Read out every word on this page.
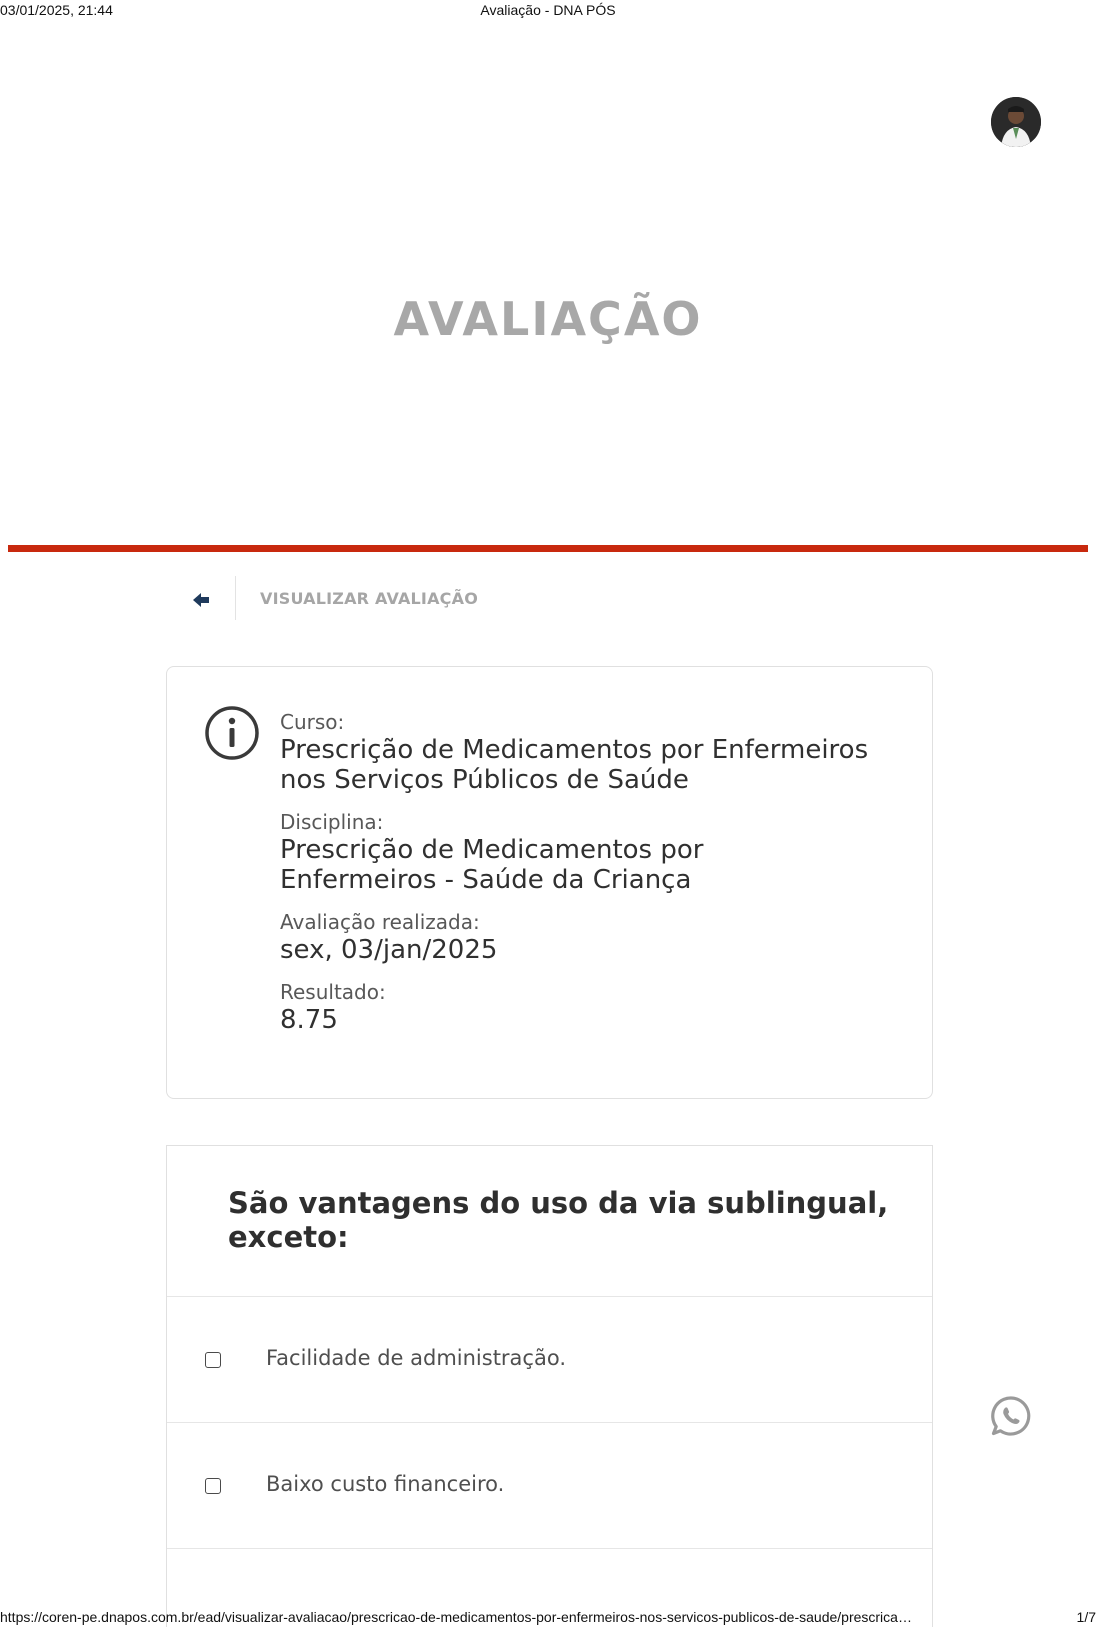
03/01/2025, 21:44	Avaliação - DNA PÓS
AVALIAÇÃO
VISUALIZAR AVALIAÇÃO
Curso:
Prescrição de Medicamentos por Enfermeiros nos Serviços Públicos de Saúde
Disciplina:
Prescrição de Medicamentos por Enfermeiros - Saúde da Criança
Avaliação realizada:
sex, 03/jan/2025
Resultado:
8.75
São vantagens do uso da via sublingual, exceto:
Facilidade de administração.
Baixo custo financeiro.
https://coren-pe.dnapos.com.br/ead/visualizar-avaliacao/prescricao-de-medicamentos-por-enfermeiros-nos-servicos-publicos-de-saude/prescrica…	1/7
